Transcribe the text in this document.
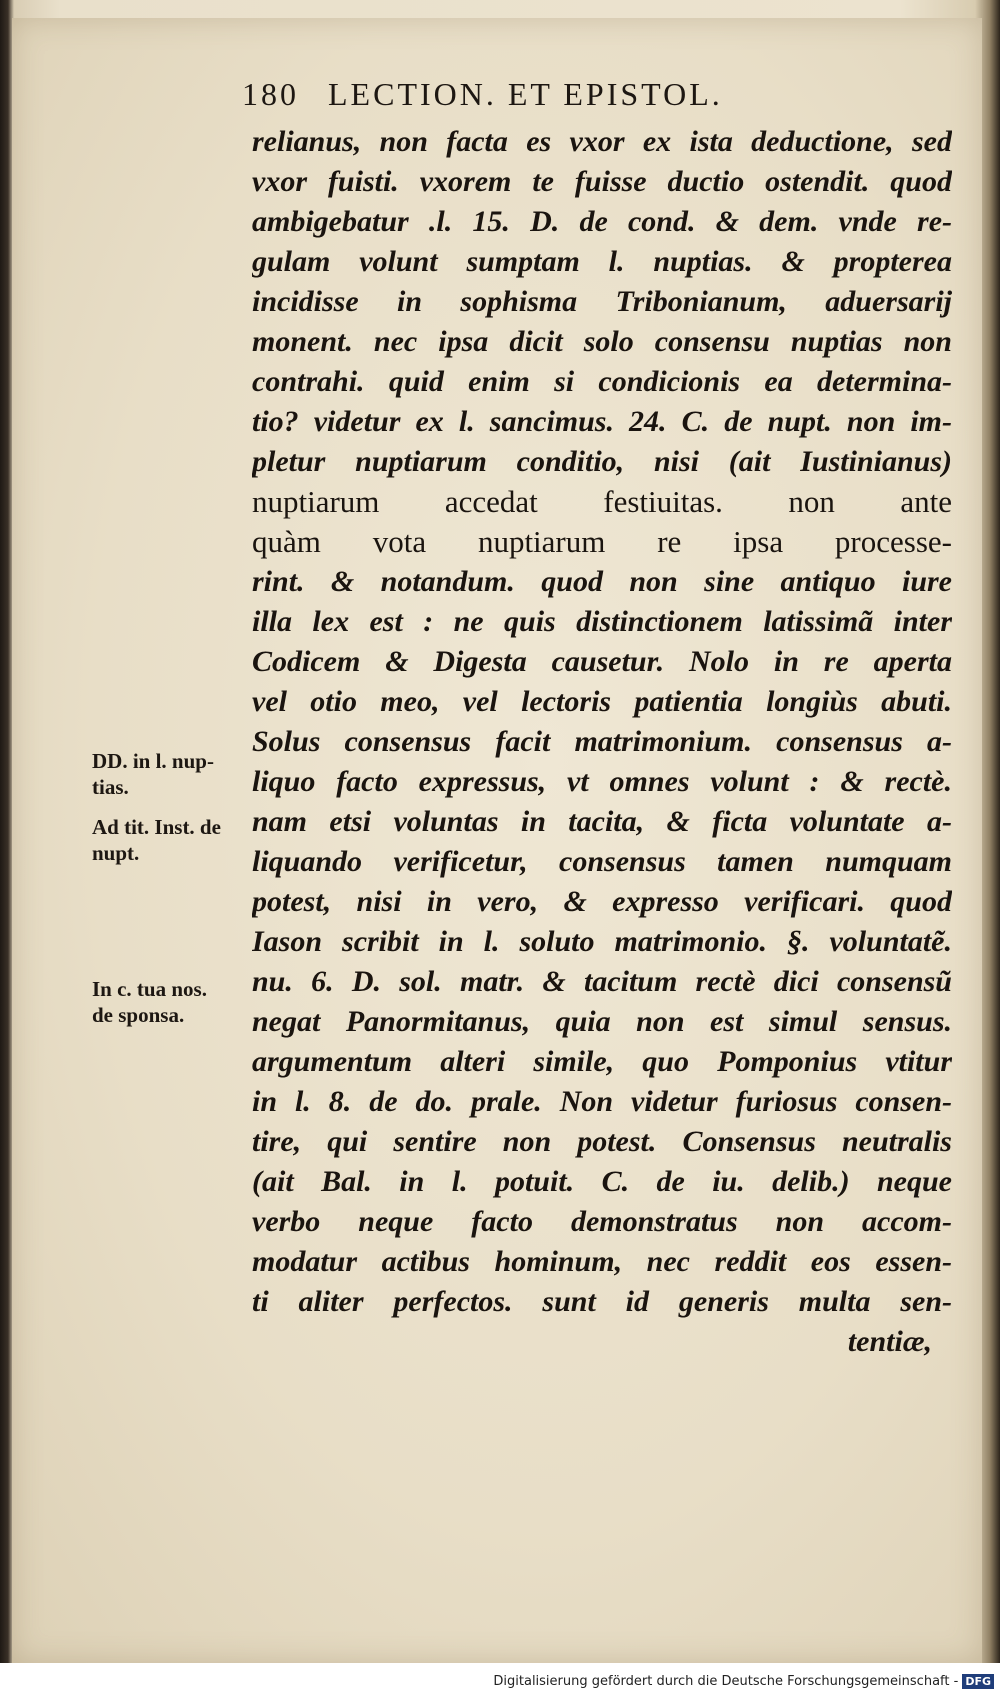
180 LECTION. ET EPISTOL.
DD. in l. nup-
tias.
Ad tit. Inst. de
nupt.
In c. tua nos.
de sponsa.
relianus, non facta es vxor ex ista deductione, sed
vxor fuisti. vxorem te fuisse ductio ostendit. quod
ambigebatur .l. 15. D. de cond. & dem. vnde re-
gulam volunt sumptam l. nuptias. & propterea
incidisse in sophisma Tribonianum, aduersarij
monent. nec ipsa dicit solo consensu nuptias non
contrahi. quid enim si condicionis ea determina-
tio? videtur ex l. sancimus. 24. C. de nupt. non im-
pletur nuptiarum conditio, nisi (ait Iustinianus)
nuptiarum accedat festiuitas. non ante
quàm vota nuptiarum re ipsa processe-
rint. & notandum. quod non sine antiquo iure
illa lex est : ne quis distinctionem latissimã inter
Codicem & Digesta causetur. Nolo in re aperta
vel otio meo, vel lectoris patientia longiùs abuti.
Solus consensus facit matrimonium. consensus a-
liquo facto expressus, vt omnes volunt : & rectè.
nam etsi voluntas in tacita, & ficta voluntate a-
liquando verificetur, consensus tamen numquam
potest, nisi in vero, & expresso verificari. quod
Iason scribit in l. soluto matrimonio. §. voluntatẽ.
nu. 6. D. sol. matr. & tacitum rectè dici consensũ
negat Panormitanus, quia non est simul sensus.
argumentum alteri simile, quo Pomponius vtitur
in l. 8. de do. prale. Non videtur furiosus consen-
tire, qui sentire non potest. Consensus neutralis
(ait Bal. in l. potuit. C. de iu. delib.) neque
verbo neque facto demonstratus non accom-
modatur actibus hominum, nec reddit eos essen-
ti aliter perfectos. sunt id generis multa sen-
tentiæ,
Digitalisierung gefördert durch die Deutsche Forschungsgemeinschaft - DFG
